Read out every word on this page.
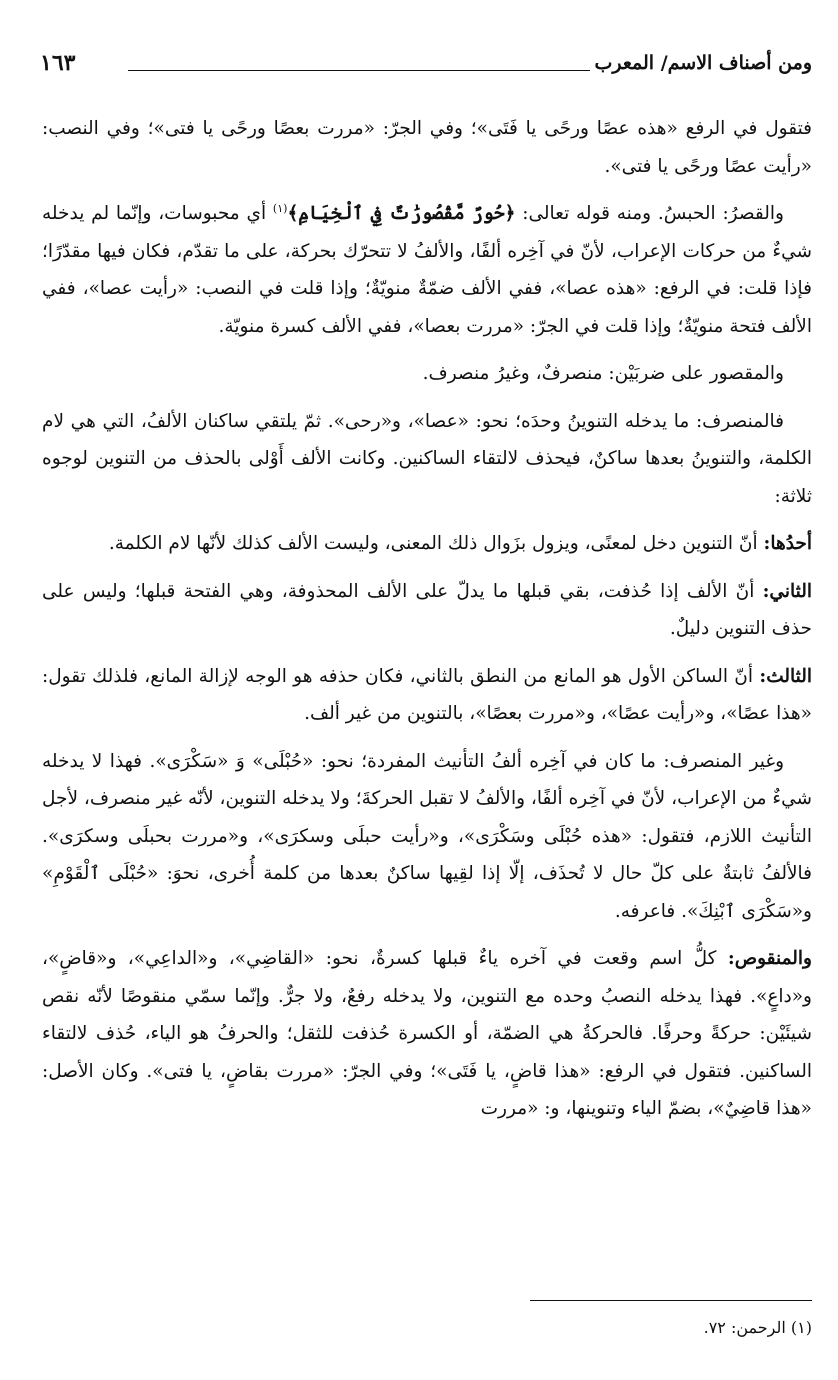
١٦٣	ومن أصناف الاسم/ المعرب

فتقول في الرفع «هذه عصًا ورحًى يا فَتَى»؛ وفي الجرّ: «مررت بعصًا ورحًى يا فتى»؛ وفي النصب: «رأيت عصًا ورحًى يا فتى».

والقصرُ: الحبسُ. ومنه قوله تعالى: ﴿حُورٌ مَّقْصُورَٰتٌ فِي ٱلْخِيَامِ﴾$^{(١)}$ أي محبوسات، وإنّما لم يدخله شيءٌ من حركات الإعراب، لأنّ في آخِره ألفًا، والألفُ لا تتحرّك بحركة، على ما تقدّم، فكان فيها مقدّرًا؛ فإذا قلت: في الرفع: «هذه عصا»، ففي الألف ضمّةٌ منويّةٌ؛ وإذا قلت في النصب: «رأيت عصا»، ففي الألف فتحة منويّةٌ؛ وإذا قلت في الجرّ: «مررت بعصا»، ففي الألف كسرة منويّة.

والمقصور على ضربَيْن: منصرفٌ، وغيرُ منصرف.

فالمنصرف: ما يدخله التنوينُ وحدَه؛ نحو: «عصا»، و«رحى». ثمّ يلتقي ساكنان الألفُ، التي هي لام الكلمة، والتنوينُ بعدها ساكنٌ، فيحذف لالتقاء الساكنين. وكانت الألف أَوْلى بالحذف من التنوين لوجوه ثلاثة:

أحدُها: أنّ التنوين دخل لمعنًى، ويزول بزَوال ذلك المعنى، وليست الألف كذلك لأنّها لام الكلمة.

الثاني: أنّ الألف إذا حُذفت، بقي قبلها ما يدلّ على الألف المحذوفة، وهي الفتحة قبلها؛ وليس على حذف التنوين دليلٌ.

الثالث: أنّ الساكن الأول هو المانع من النطق بالثاني، فكان حذفه هو الوجه لإزالة المانع، فلذلك تقول: «هذا عصًا»، و«رأيت عصًا»، و«مررت بعصًا»، بالتنوين من غير ألف.

وغير المنصرف: ما كان في آخِره ألفُ التأنيث المفردة؛ نحو: «حُبْلَى» وَ «سَكْرَى». فهذا لا يدخله شيءٌ من الإعراب، لأنّ في آخِره ألفًا، والألفُ لا تقبل الحركةَ؛ ولا يدخله التنوين، لأنّه غير منصرف، لأجل التأنيث اللازم، فتقول: «هذه حُبْلَى وسَكْرَى»، و«رأيت حبلَى وسكرَى»، و«مررت بحبلَى وسكرَى». فالألفُ ثابتةٌ على كلّ حال لا تُحذَف، إلّا إذا لقِيها ساكنٌ بعدها من كلمة أُخرى، نحوَ: «حُبْلَى ٱلْقَوْمِ» و«سَكْرَى ٱبْنِكَ». فاعرفه.

والمنقوص: كلُّ اسم وقعت في آخره ياءٌ قبلها كسرةٌ، نحو: «القاضِي»، و«الداعِي»، و«قاضٍ»، و«داعٍ». فهذا يدخله النصبُ وحده مع التنوين، ولا يدخله رفعٌ، ولا جرٌّ. وإنّما سمّي منقوصًا لأنّه نقص شيئَيْن: حركةً وحرفًا. فالحركةُ هي الضمّة، أو الكسرة حُذفت للثقل؛ والحرفُ هو الياء، حُذف لالتقاء الساكنين. فتقول في الرفع: «هذا قاضٍ، يا فَتَى»؛ وفي الجرّ: «مررت بقاضٍ، يا فتى». وكان الأصل: «هذا قاضِيٌ»، بضمّ الياء وتنوينها، و: «مررت

(١) الرحمن: ٧٢.
